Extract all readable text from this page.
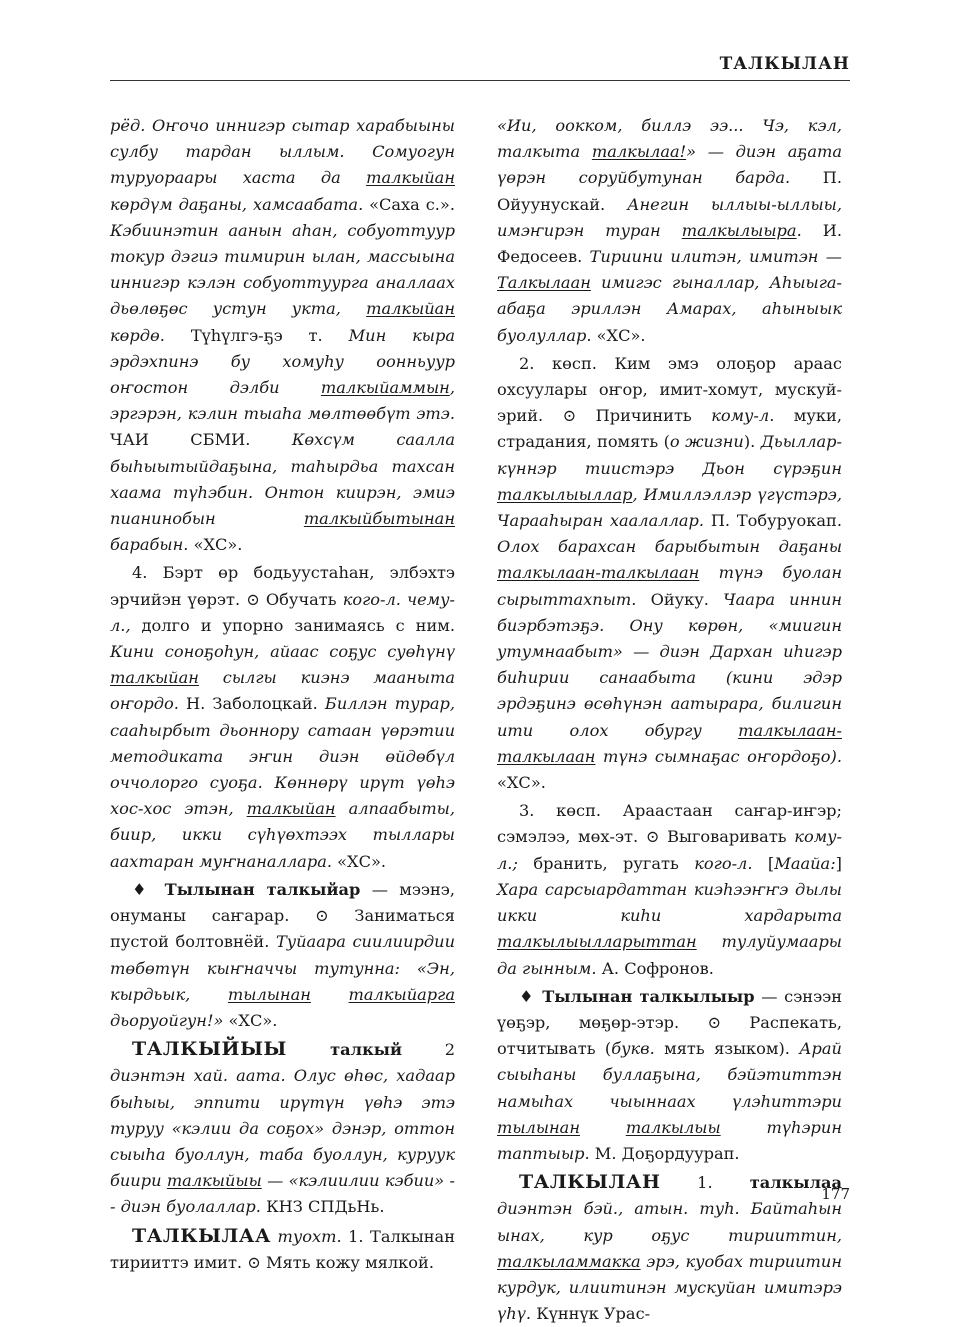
ТАЛКЫЛАН

рёд. Оҥочо иннигэр сытар харабыыны сулбу тардан ыллым. Сомуогун туруораары хаста да талкыйан көрдүм даҕаны, хамсаабата. «Саха с.». Кэбиинэтин аанын аһан, собуоттуур токур дэгиэ тимирин ылан, массыына иннигэр кэлэн собуоттуурга аналлаах дьөлөҕөс устун укта, талкыйан көрдө. Түһүлгэ-ҕэ т. Мин кыра эрдэхпинэ бу хомуһу оонньуур оҥостон дэлби талкыйаммын, эргэрэн, кэлин тыаһа мөлтөөбүт этэ. ЧАИ СБМИ. Көхсүм саалла быһыытыйдаҕына, таһырдьа тахсан хаама түһэбин. Онтон киирэн, эмиэ пианинобын талкыйбытынан барабын. «ХС».

4. Бэрт өр бодьуустаһан, элбэхтэ эрчийэн үөрэт. ⊙ Обучать кого-л. чему-л., долго и упорно занимаясь с ним. Кини соноҕоһун, айаас соҕус суөһүнү талкыйан сылгы киэнэ мааныта оҥордо. Н. Заболоцкай. Биллэн турар, сааһырбыт дьоннору сатаан үөрэтии методиката эҥин диэн өйдөбүл оччолорго суоҕа. Көннөрү ирүт үөһэ хос-хос этэн, талкыйан алпаабыты, биир, икки сүһүөхтээх тыллары аахтаран муҥнаналлара. «ХС».

♦ Тылынан талкыйар — мээнэ, онуманы саҥарар. ⊙ Заниматься пустой болтовнёй. Туйаара сиилиирдии төбөтүн кыҥначчы тутунна: «Эн, кырдьык, тылынан талкыйарга дьоруойгун!» «ХС».

ТАЛКЫЙЫЫ талкый 2 диэнтэн хай. аата. Олус өһөс, хадаар быһыы, эппити ирүтүн үөһэ этэ туруу «кэлии да соҕох» дэнэр, оттон сыыһа буоллун, таба буоллун, куруук биири талкыйыы — «кэлиилии кэбии» -- диэн буолаллар. КНЗ СПДьНь.

ТАЛКЫЛАА туохт. 1. Талкынан тирииттэ имит. ⊙ Мять кожу мялкой.

«Ии, оокком, биллэ ээ... Чэ, кэл, талкыта талкылаа!» — диэн аҕата үөрэн соруйбутунан барда. П. Ойуунускай. Анегин ыллыы-ыллыы, имэҥирэн туран талкылыыра. И. Федосеев. Тириини илитэн, имитэн — Талкылаан имигэс гыналлар, Аһыыга-абаҕа эриллэн Амарах, аһыныык буолуллар. «ХС».

2. көсп. Ким эмэ олоҕор араас охсуулары оҥор, имит-хомут, мускуй-эрий. ⊙ Причинить кому-л. муки, страдания, помять (о жизни). Дьыллар-күннэр тиистэрэ Дьон сүрэҕин талкылыыллар, Имиллэллэр үгүстэрэ, Чарааһыран хаалаллар. П. Тобуруокап. Олох барахсан барыбытын даҕаны талкылаан-талкылаан түнэ буолан сырыттахпыт. Ойуку. Чаара иннин биэрбэтэҕэ. Ону көрөн, «миигин утумнаабыт» — диэн Дархан иһигэр биһирии санаабыта (кини эдэр эрдэҕинэ өсөһүнэн аатырара, билигин ити олох обургу талкылаан-талкылаан түнэ сымнаҕас оҥордоҕо). «ХС».

3. көсп. Араастаан саҥар-иҥэр; сэмэлээ, мөх-эт. ⊙ Выговаривать кому-л.; бранить, ругать кого-л. [Маайа:] Хара сарсыардаттан киэһээҥҥэ дылы икки киһи хардарыта талкылыылларыттан тулуйумаары да гынным. А. Софронов.

♦ Тылынан талкылыыр — сэнээн үөҕэр, мөҕөр-этэр. ⊙ Распекать, отчитывать (букв. мять языком). Арай сыыһаны буллаҕына, бэйэтиттэн намыһах чыыннаах үлэһиттэри тылынан	талкылыы түһэрин таптыыр. М. Доҕордуурап.

ТАЛКЫЛАН 1. талкылаа диэнтэн бэй., атын. туһ. Байтаһын ынах, кур оҕус тирииттин, талкыламмакка эрэ, куобах тириитин курдук, илиитинэн мускуйан имитэрэ үһү. Күннүк Урас-

177
